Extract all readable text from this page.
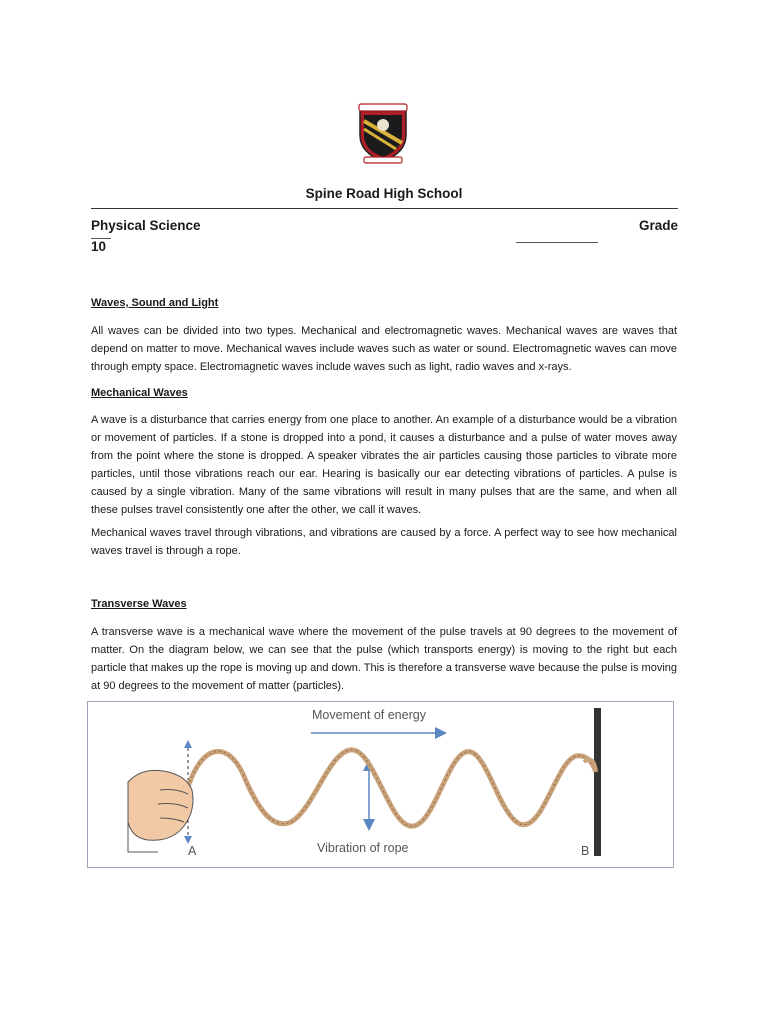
Spine Road High School
Physical Science	Grade
10
Waves, Sound and Light

All waves can be divided into two types. Mechanical and electromagnetic waves. Mechanical waves are waves that depend on matter to move. Mechanical waves include waves such as water or sound. Electromagnetic waves can move through empty space. Electromagnetic waves include waves such as light, radio waves and x-rays.

Mechanical Waves

A wave is a disturbance that carries energy from one place to another. An example of a disturbance would be a vibration or movement of particles. If a stone is dropped into a pond, it causes a disturbance and a pulse of water moves away from the point where the stone is dropped. A speaker vibrates the air particles causing those particles to vibrate more particles, until those vibrations reach our ear. Hearing is basically our ear detecting vibrations of particles. A pulse is caused by a single vibration. Many of the same vibrations will result in many pulses that are the same, and when all these pulses travel consistently one after the other, we call it waves.

Mechanical waves travel through vibrations, and vibrations are caused by a force. A perfect way to see how mechanical waves travel is through a rope.

Transverse Waves

A transverse wave is a mechanical wave where the movement of the pulse travels at 90 degrees to the movement of matter. On the diagram below, we can see that the pulse (which transports energy) is moving to the right but each particle that makes up the rope is moving up and down. This is therefore a transverse wave because the pulse is moving at 90 degrees to the movement of matter (particles).

Movement of energy
Vibration of rope
A	B
